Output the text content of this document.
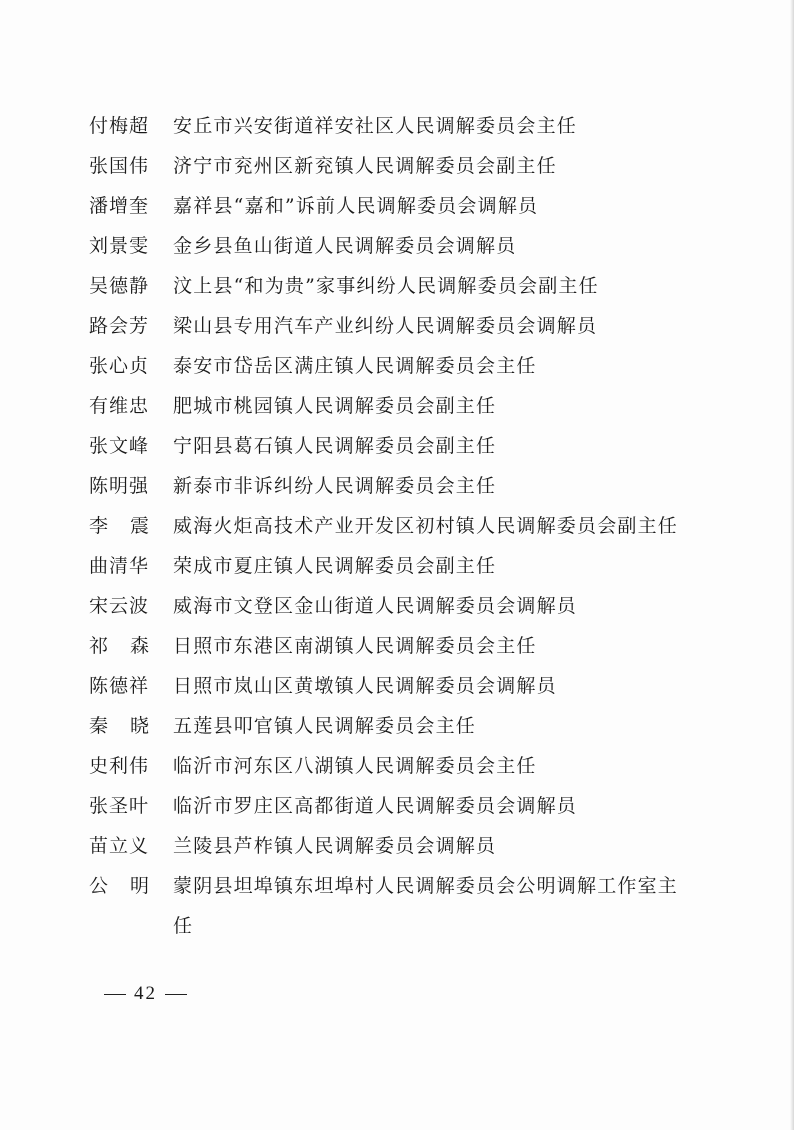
付梅超	安丘市兴安街道祥安社区人民调解委员会主任
张国伟	济宁市兖州区新兖镇人民调解委员会副主任
潘增奎	嘉祥县“嘉和”诉前人民调解委员会调解员
刘景雯	金乡县鱼山街道人民调解委员会调解员
吴德静	汶上县“和为贵”家事纠纷人民调解委员会副主任
路会芳	梁山县专用汽车产业纠纷人民调解委员会调解员
张心贞	泰安市岱岳区满庄镇人民调解委员会主任
有维忠	肥城市桃园镇人民调解委员会副主任
张文峰	宁阳县葛石镇人民调解委员会副主任
陈明强	新泰市非诉纠纷人民调解委员会主任
李震 威海火炬高技术产业开发区初村镇人民调解委员会副主任
曲清华	荣成市夏庄镇人民调解委员会副主任
宋云波	威海市文登区金山街道人民调解委员会调解员
祁森 日照市东港区南湖镇人民调解委员会主任
陈德祥	日照市岚山区黄墩镇人民调解委员会调解员
秦晓 五莲县叩官镇人民调解委员会主任
史利伟	临沂市河东区八湖镇人民调解委员会主任
张圣叶	临沂市罗庄区高都街道人民调解委员会调解员
苗立义	兰陵县芦柞镇人民调解委员会调解员
公明 蒙阴县坦埠镇东坦埠村人民调解委员会公明调解工作室主任
42
